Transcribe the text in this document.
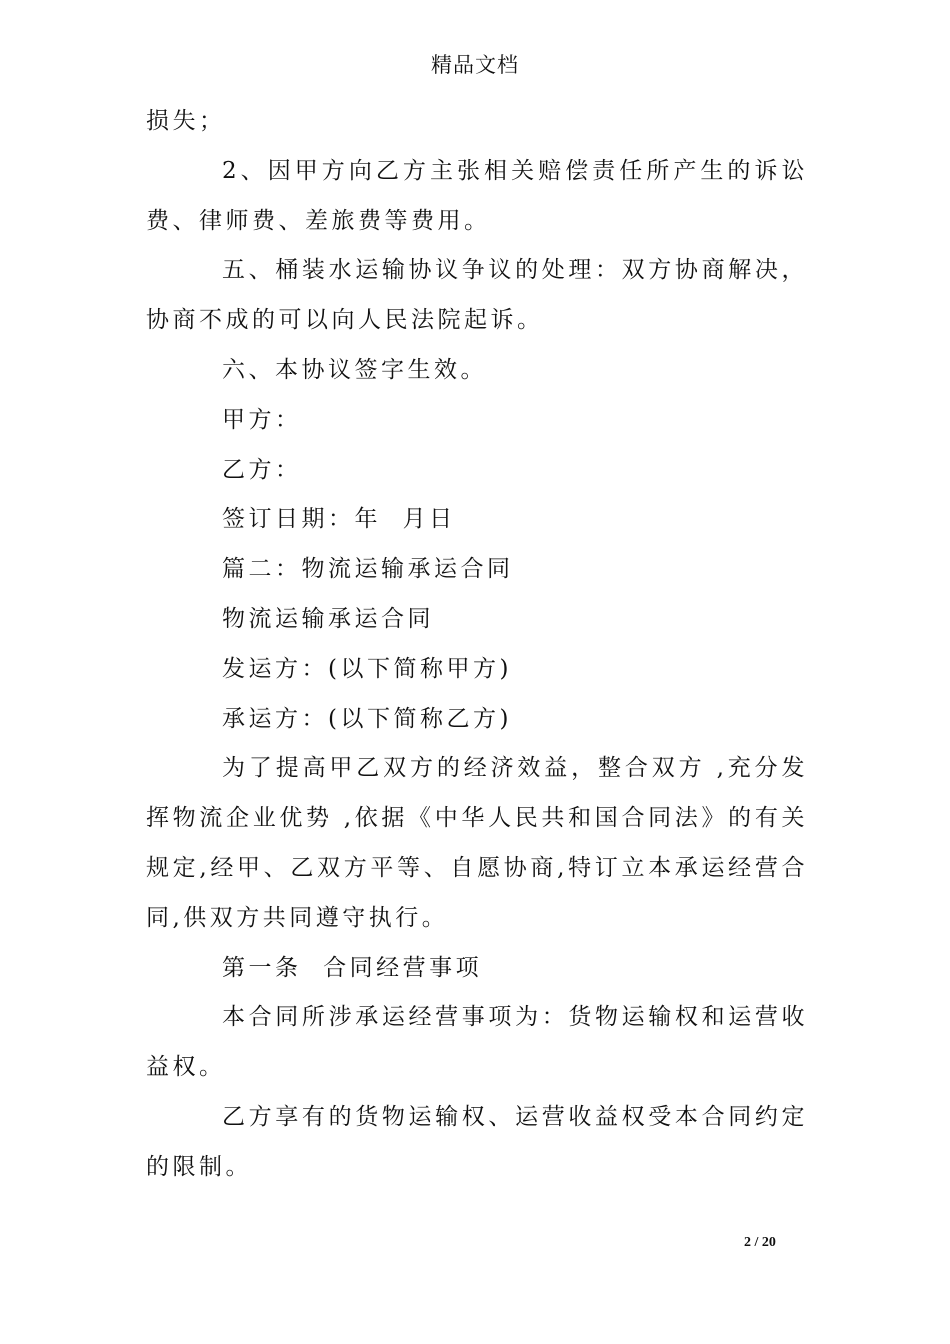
精品文档

损失；

2、因甲方向乙方主张相关赔偿责任所产生的诉讼费、律师费、差旅费等费用。

五、桶装水运输协议争议的处理：双方协商解决，协商不成的可以向人民法院起诉。

六、本协议签字生效。

甲方：

乙方：

签订日期：年  月日

篇二：物流运输承运合同

物流运输承运合同

发运方：(以下简称甲方)

承运方：(以下简称乙方)

为了提高甲乙双方的经济效益，整合双方 ,充分发挥物流企业优势 ,依据《中华人民共和国合同法》的有关规定,经甲、乙双方平等、自愿协商,特订立本承运经营合同,供双方共同遵守执行。

第一条  合同经营事项

本合同所涉承运经营事项为：货物运输权和运营收益权。

乙方享有的货物运输权、运营收益权受本合同约定的限制。

2 / 20
